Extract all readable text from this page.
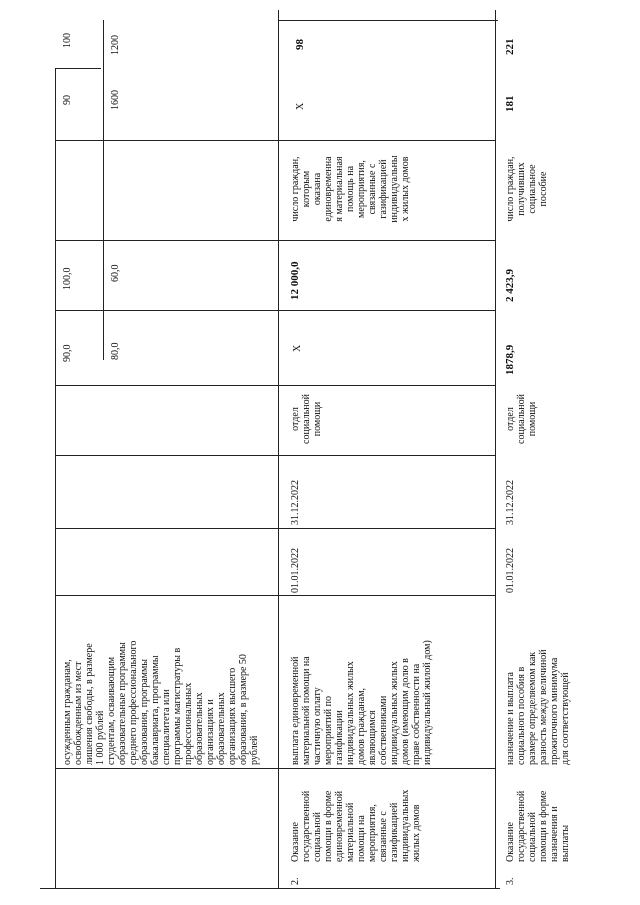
осужденным гражданам, освобожденным из мест лишения свободы, в размере 1 000 рублей студентам, осваивающим образовательные программы среднего профессионального образования, программы бакалавриата, программы специалитета или программы магистратуры в профессиональных образовательных организациях и образовательных организациях высшего образования, в размере 50 рублей
90,0
100,0
80,0
60,0
90
100
1600
1200
2.
Оказание государственной социальной помощи в форме единовременной материальной помощи на мероприятия, связанные с газификацией индивидуальных жилых домов
выплата единовременной материальной помощи на частичную оплату мероприятий по газификации индивидуальных жилых домов гражданам, являющимся собственниками индивидуальных жилых домов (имеющим долю в праве собственности на индивидуальный жилой дом)
01.01.2022
31.12.2022
отдел социальной помощи
X
12 000,0
число граждан, которым оказана единовременна я материальная помощь на мероприятия, связанные с газификацией индивидуальны х жилых домов
X
98
3.
Оказание государственной социальной помощи в форме назначения и выплаты
назначение и выплата социального пособия в размере определяемом как разность между величиной прожиточного минимума для соответствующей
01.01.2022
31.12.2022
отдел социальной помощи
1878,9
2 423,9
число граждан, получивших социальное пособие
181
221
